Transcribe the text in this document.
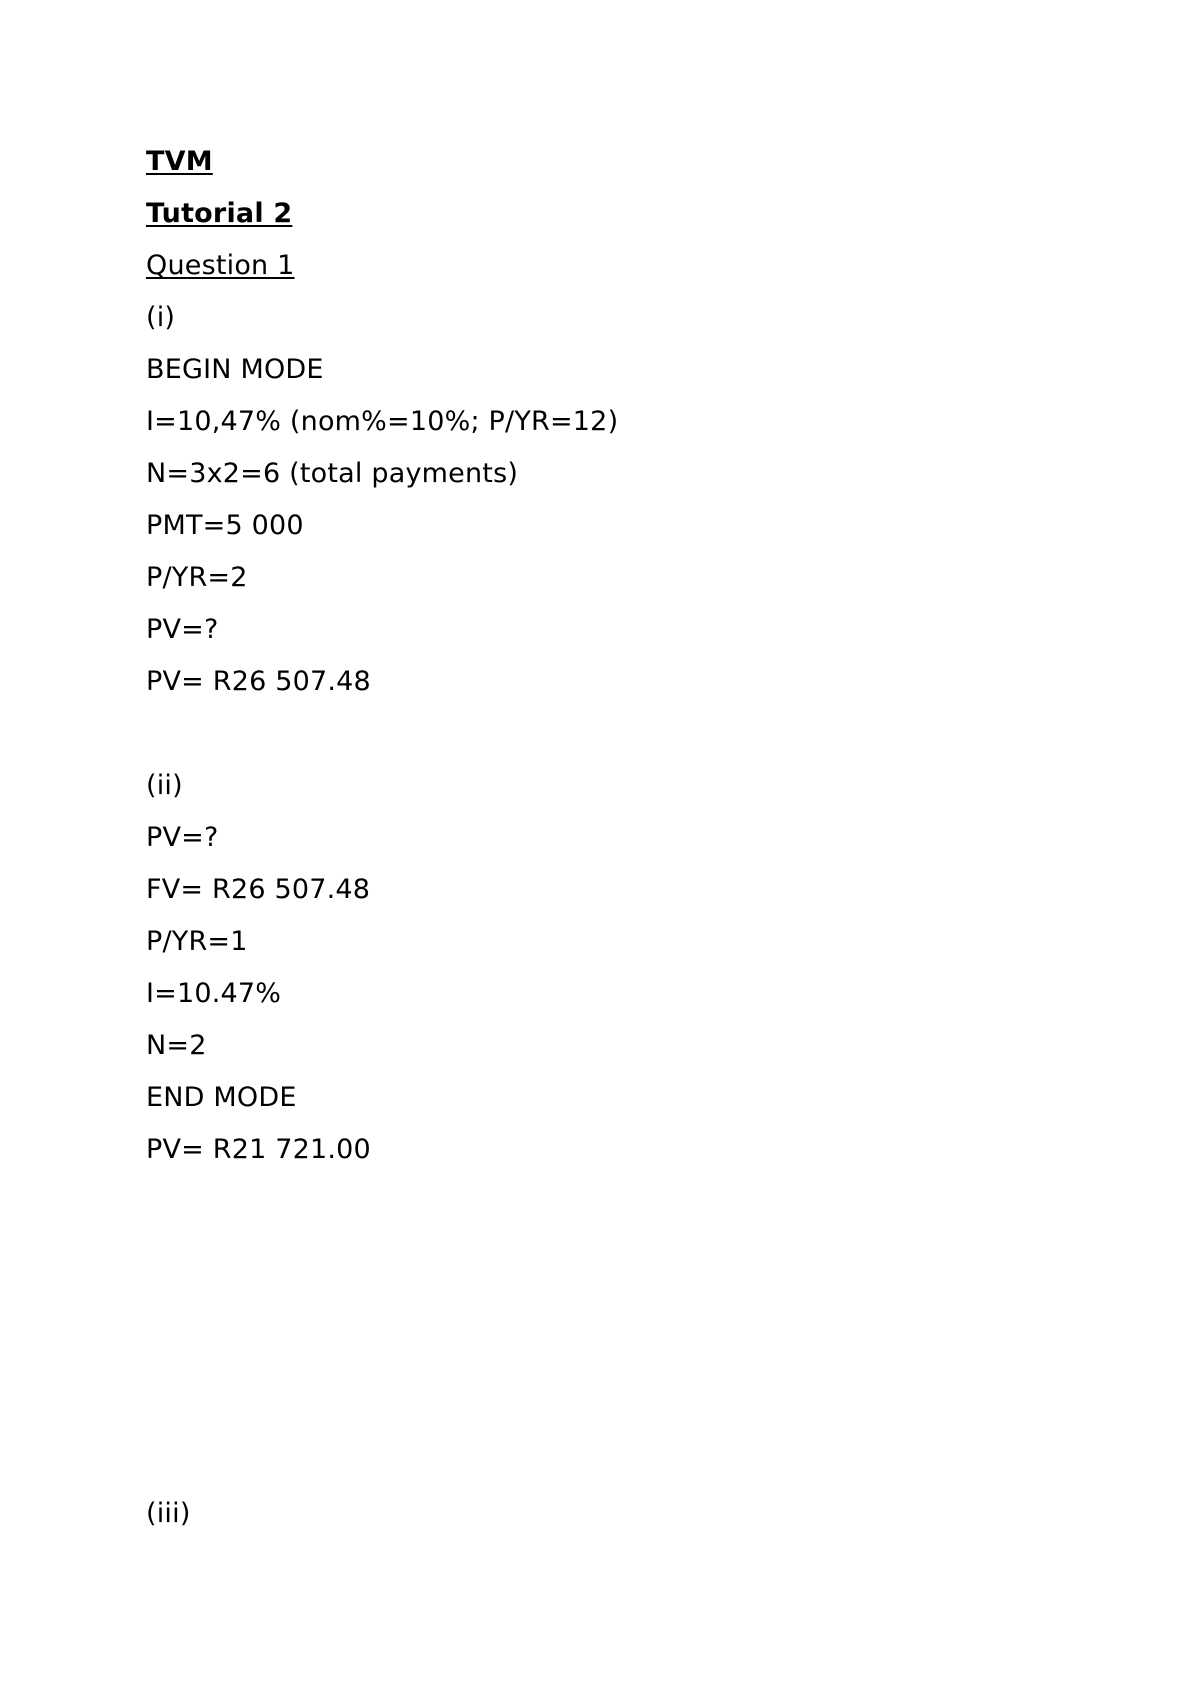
TVM
Tutorial 2
Question 1
(i)
BEGIN MODE
I=10,47% (nom%=10%; P/YR=12)
N=3x2=6 (total payments)
PMT=5 000
P/YR=2
PV=?
PV= R26 507.48
(ii)
PV=?
FV= R26 507.48
P/YR=1
I=10.47%
N=2
END MODE
PV= R21 721.00
(iii)
